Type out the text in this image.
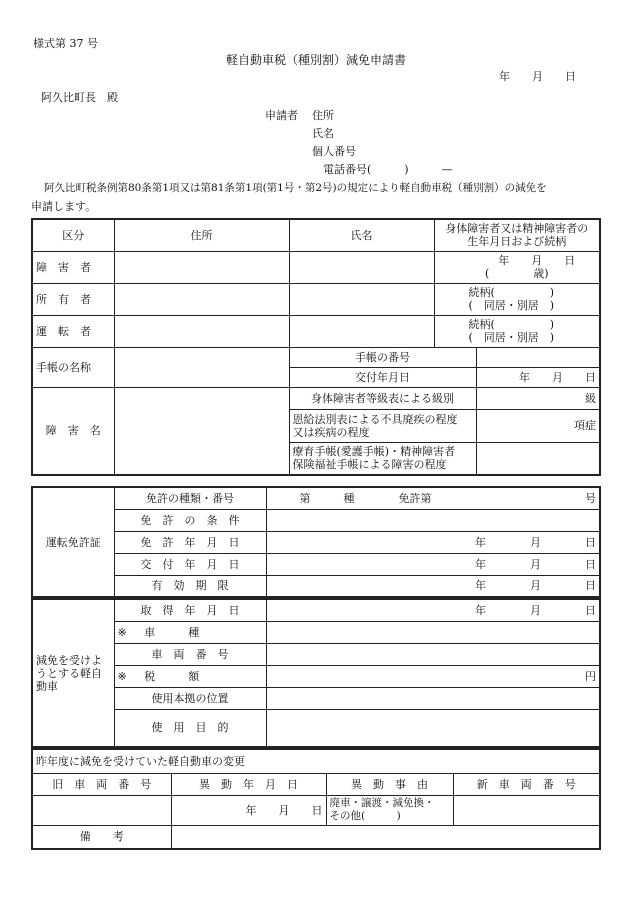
様式第 37 号
軽自動車税（種別割）減免申請書
年　　月　　日
阿久比町長　殿
申請者 住所
氏名
個人番号
電話番号(　　　)　　　—
阿久比町税条例第80条第1項又は第81条第1項(第1号・第2号)の規定により軽自動車税（種別割）の減免を
申請します。
区分	住所	氏名	身体障害者又は精神障害者の
生年月日および続柄	

障　害　者			年　　月　　日
(　　　　歳)	

所　有　者			続柄(　　　　　)
(　同居・別居　)	

運　転　者			続柄(　　　　　)
(　同居・別居　)	

手帳の名称		手帳の番号		
		交付年月日		年　　月　　日
障　害　名		身体障害者等級表による級別		級

		恩給法別表による不具廃疾の程度
又は疾病の程度		項症

		療育手帳(愛護手帳)・精神障害者
保険福祉手帳による障害の程度		

運転免許証	免許の種類・番号	第　　　種　　　　免許第 号

	免　許　の　条　件	
	免　許　年　月　日	年　　　　月　　　　日
	交　付　年　月　日	年　　　　月　　　　日
	有　効　期　限	年　　　　月　　　　日
減免を受けようとする軽自動車	取　得　年　月　日	年　　　　月　　　　日
	※ 車　　　種	
	車　両　番　号	
	※ 税　　　額	円
	使用本拠の位置	
	使　用　目　的	
昨年度に減免を受けていた軽自動車の変更			
旧　車　両　番　号	異　動　年　月　日	異　動　事　由	新　車　両　番　号
	年　　月　　日	廃車・譲渡・減免換・
その他(　　　)	

備　　考			
